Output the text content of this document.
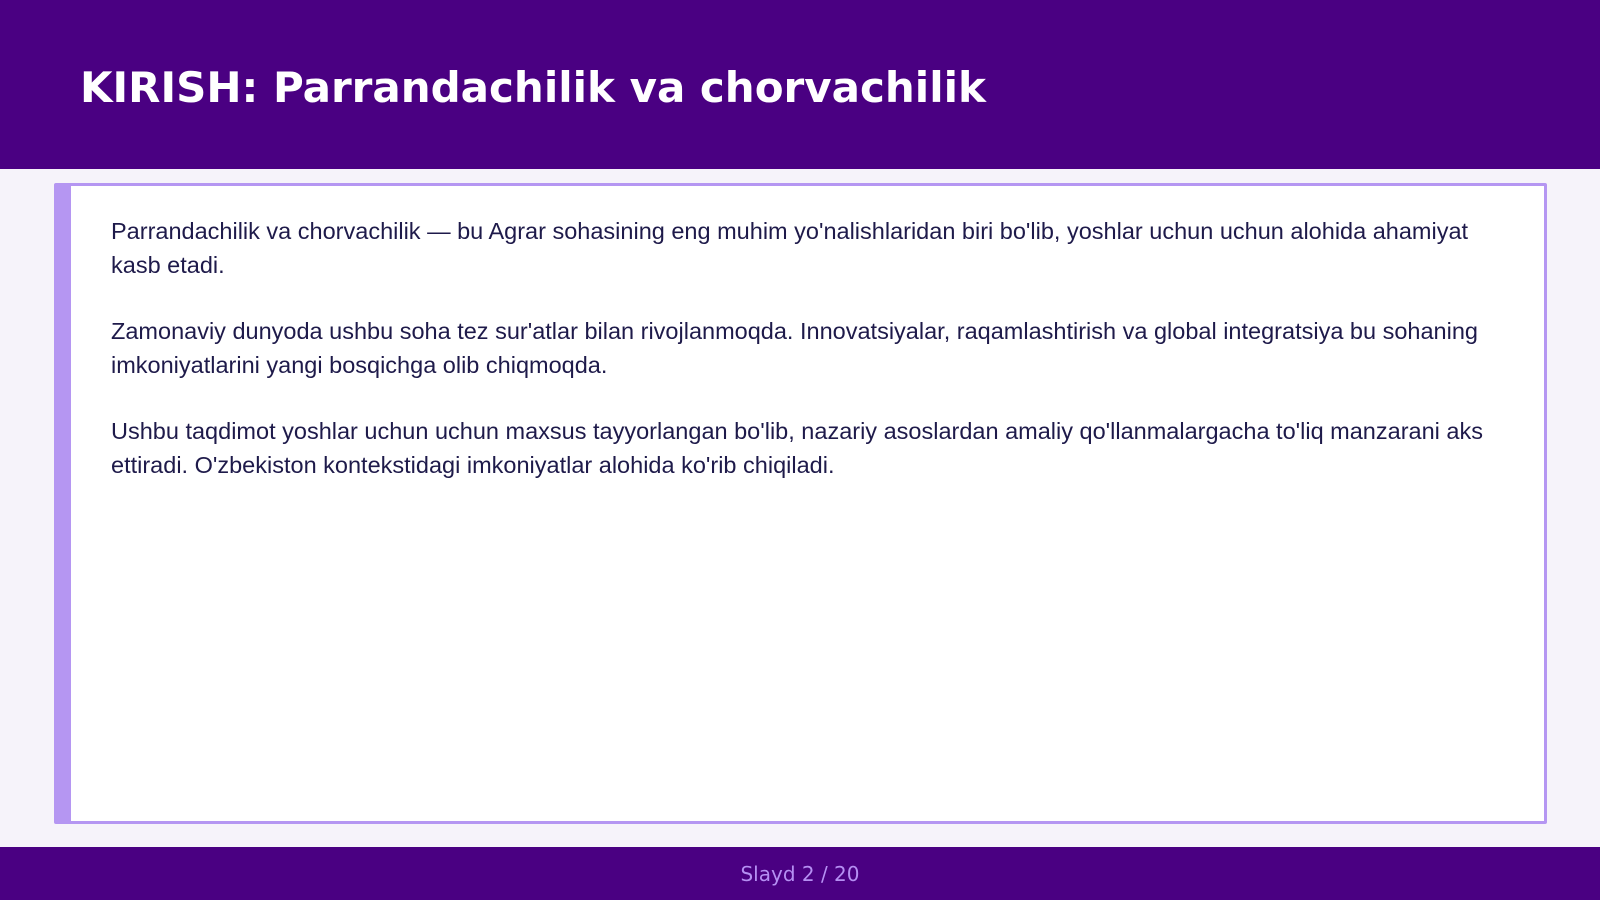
KIRISH: Parrandachilik va chorvachilik

Parrandachilik va chorvachilik — bu Agrar sohasining eng muhim yo'nalishlaridan biri bo'lib, yoshlar uchun uchun alohida ahamiyat kasb etadi.

Zamonaviy dunyoda ushbu soha tez sur'atlar bilan rivojlanmoqda. Innovatsiyalar, raqamlashtirish va global integratsiya bu sohaning imkoniyatlarini yangi bosqichga olib chiqmoqda.

Ushbu taqdimot yoshlar uchun uchun maxsus tayyorlangan bo'lib, nazariy asoslardan amaliy qo'llanmalargacha to'liq manzarani aks ettiradi. O'zbekiston kontekstidagi imkoniyatlar alohida ko'rib chiqiladi.

Slayd 2 / 20
